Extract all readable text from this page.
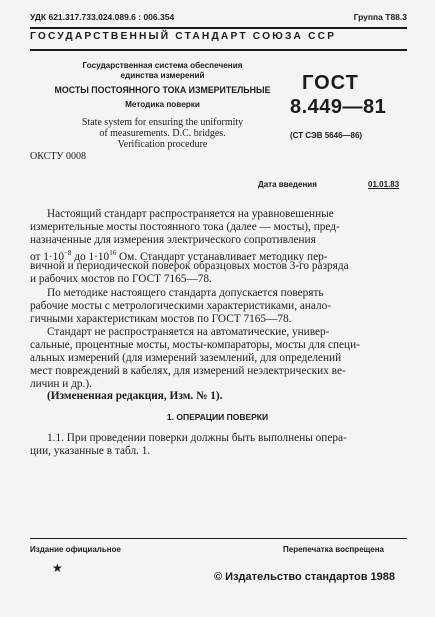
УДК 621.317.733.024.089.6 : 006.354	Группа Т88.3
ГОСУДАРСТВЕННЫЙ СТАНДАРТ СОЮЗА ССР
Государственная система обеспечения
единства измерений
МОСТЫ ПОСТОЯННОГО ТОКА ИЗМЕРИТЕЛЬНЫЕ
Методика поверки
State system for ensuring the uniformity
of measurements. D.C. bridges.
Verification procedure
ГОСТ
8.449—81
(СТ СЭВ 5646—86)
ОКСТУ 0008
Дата введения	01.01.83
Настоящий стандарт распространяется на уравновешенные
измерительные мосты постоянного тока (далее — мосты), пред-
назначенные для измерения электрического сопротивления
от $1\cdot 10^{-8}$ до $1\cdot 10^{16}$ Ом. Стандарт устанавливает методику пер-
вичной и периодической поверок образцовых мостов 3-го разряда
и рабочих мостов по ГОСТ 7165—78.
По методике настоящего стандарта допускается поверять
рабочие мосты с метрологическими характеристиками, анало-
гичными характеристикам мостов по ГОСТ 7165—78.
Стандарт не распространяется на автоматические, универ-
сальные, процентные мосты, мосты-компараторы, мосты для специ-
альных измерений (для измерений заземлений, для определений
мест повреждений в кабелях, для измерений неэлектрических ве-
личин и др.).
(Измененная редакция, Изм. № 1).
1. ОПЕРАЦИИ ПОВЕРКИ
1.1. При проведении поверки должны быть выполнены опера-
ции, указанные в табл. 1.
Издание официальное	Перепечатка воспрещена
★
© Издательство стандартов 1988
